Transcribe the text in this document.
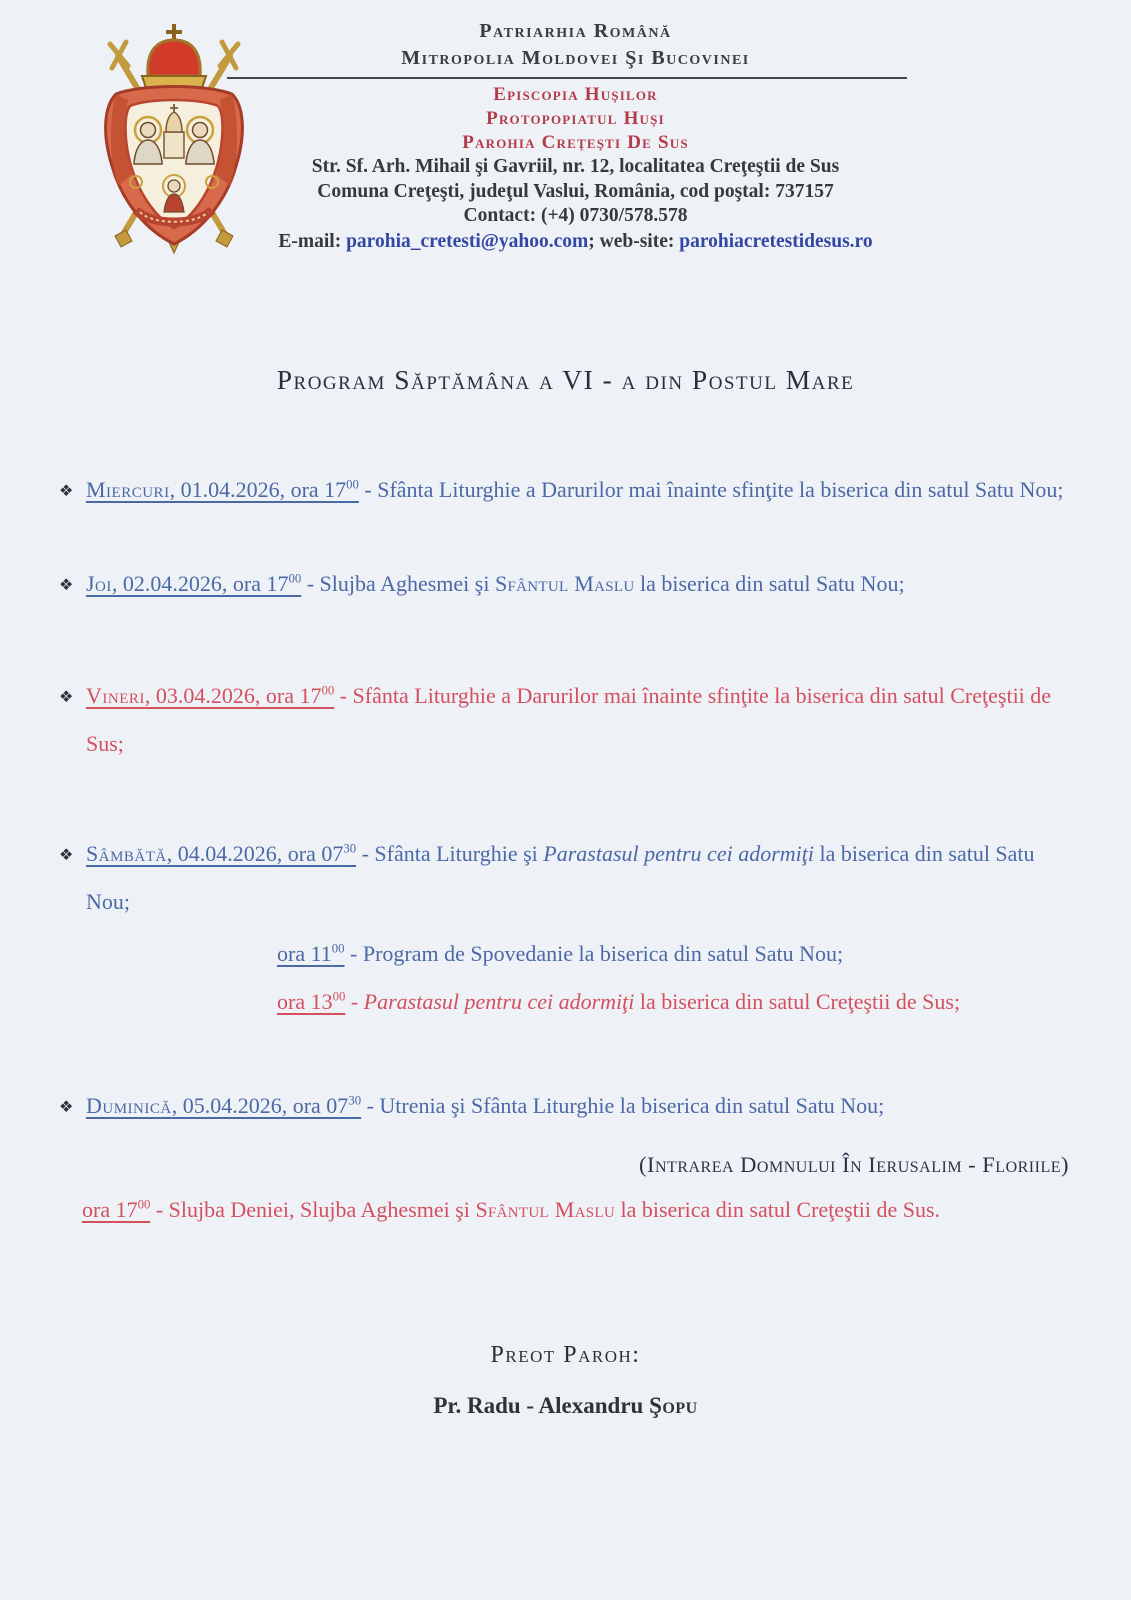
Patriarhia Română
Mitropolia Moldovei Şi Bucovinei
Episcopia Huşilor
Protopopiatul Huşi
Parohia Creţeşti De Sus
Str. Sf. Arh. Mihail şi Gavriil, nr. 12, localitatea Creţeştii de Sus
Comuna Creţeşti, judeţul Vaslui, România, cod poştal: 737157
Contact: (+4) 0730/578.578
E-mail: parohia_cretesti@yahoo.com; web-site: parohiacretestidesus.ro
Program Săptămâna a VI - a din Postul Mare
❖ Miercuri, 01.04.2026, ora $17^{00}$ - Sfânta Liturghie a Darurilor mai înainte sfinţite la biserica din satul Satu Nou;
❖ Joi, 02.04.2026, ora $17^{00}$ - Slujba Aghesmei şi Sfântul Maslu la biserica din satul Satu Nou;
❖ Vineri, 03.04.2026, ora $17^{00}$ - Sfânta Liturghie a Darurilor mai înainte sfinţite la biserica din satul Creţeştii de Sus;
❖ Sâmbătă, 04.04.2026, ora $07^{30}$ - Sfânta Liturghie şi Parastasul pentru cei adormiţi la biserica din satul Satu Nou;
ora $11^{00}$ - Program de Spovedanie la biserica din satul Satu Nou;
ora $13^{00}$ - Parastasul pentru cei adormiţi la biserica din satul Creţeştii de Sus;
❖ Duminică, 05.04.2026, ora $07^{30}$ - Utrenia şi Sfânta Liturghie la biserica din satul Satu Nou;
(Intrarea Domnului În Ierusalim - Floriile)
ora $17^{00}$ - Slujba Deniei, Slujba Aghesmei şi Sfântul Maslu la biserica din satul Creţeştii de Sus.
Preot Paroh:
Pr. Radu - Alexandru Şopu
